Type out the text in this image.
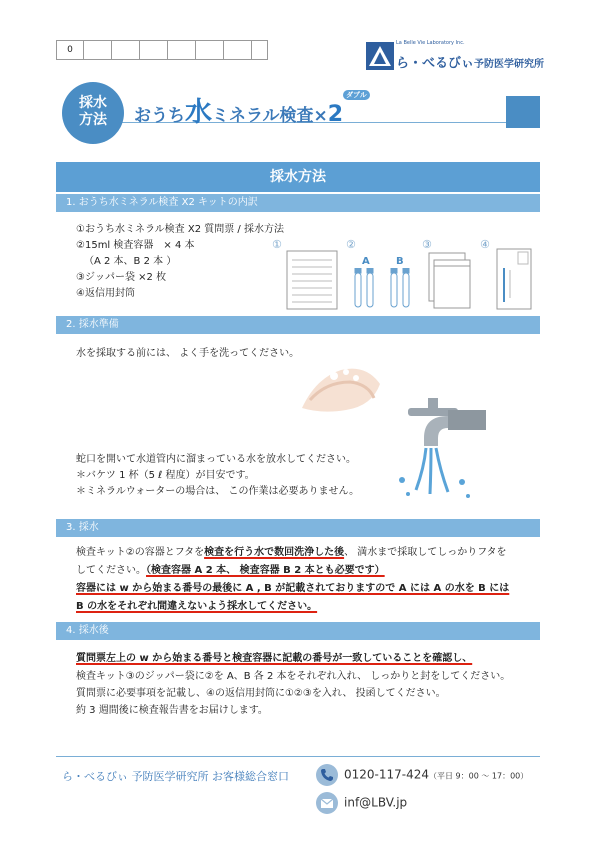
0
La Belle Vie Laboratory Inc.
ら・べるびぃ予防医学研究所
採水
方法	おうち水ミネラル検査$\times 2^{ダブル}$
採水方法
1. おうち水ミネラル検査 X2 キットの内訳
①おうち水ミネラル検査 X2 質問票 / 採水方法
②15ml 検査容器　× 4 本
（A 2 本、B 2 本 ）
③ジッパー袋 ×2 枚
④返信用封筒
①	②	③	④
A	B
2. 採水準備
水を採取する前には、 よく手を洗ってください。
蛇口を開いて水道管内に溜まっている水を放水してください。
＊バケツ 1 杯（5 ℓ 程度）が目安です。
＊ミネラルウォーターの場合は、 この作業は必要ありません。
3. 採水
検査キット②の容器とフタを検査を行う水で数回洗浄した後、 満水まで採取してしっかりフタを
してください。（検査容器 A 2 本、 検査容器 B 2 本とも必要です）
容器には w から始まる番号の最後に A , B が記載されておりますので A には A の水を B には
B の水をそれぞれ間違えないよう採水してください。
4. 採水後
質問票左上の w から始まる番号と検査容器に記載の番号が一致していることを確認し、
検査キット③のジッパー袋に②を A、B 各 2 本をそれぞれ入れ、 しっかりと封をしてください。
質問票に必要事項を記載し、④の返信用封筒に①②③を入れ、 投函してください。
約 3 週間後に検査報告書をお届けします。
ら・べるびぃ 予防医学研究所 お客様総合窓口	0120-117-424（平日 9：00 ～ 17：00）
inf@LBV.jp
